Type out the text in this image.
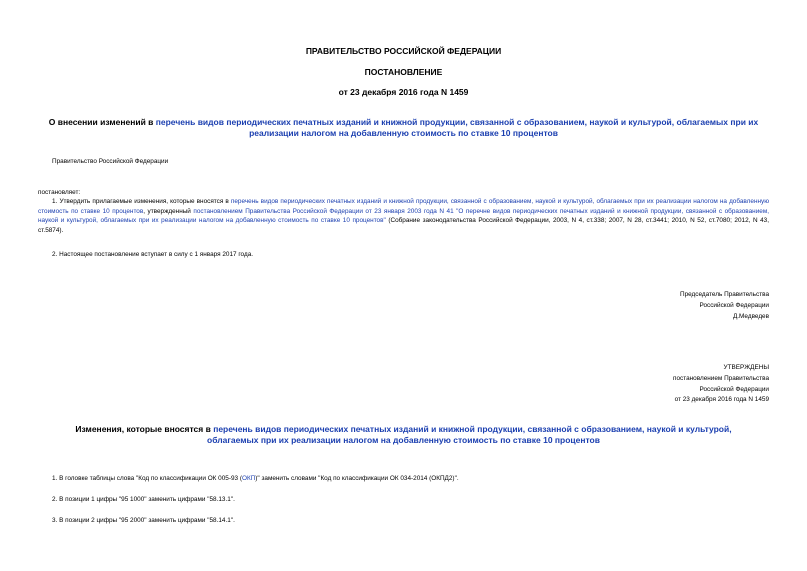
ПРАВИТЕЛЬСТВО РОССИЙСКОЙ ФЕДЕРАЦИИ
ПОСТАНОВЛЕНИЕ
от 23 декабря 2016 года N 1459
О внесении изменений в перечень видов периодических печатных изданий и книжной продукции, связанной с образованием, наукой и культурой, облагаемых при их реализации налогом на добавленную стоимость по ставке 10 процентов
Правительство Российской Федерации
постановляет:
1. Утвердить прилагаемые изменения, которые вносятся в перечень видов периодических печатных изданий и книжной продукции, связанной с образованием, наукой и культурой, облагаемых при их реализации налогом на добавленную стоимость по ставке 10 процентов, утвержденный постановлением Правительства Российской Федерации от 23 января 2003 года N 41 "О перечне видов периодических печатных изданий и книжной продукции, связанной с образованием, наукой и культурой, облагаемых при их реализации налогом на добавленную стоимость по ставке 10 процентов" (Собрание законодательства Российской Федерации, 2003, N 4, ст.338; 2007, N 28, ст.3441; 2010, N 52, ст.7080; 2012, N 43, ст.5874).
2. Настоящее постановление вступает в силу с 1 января 2017 года.
Председатель Правительства
Российской Федерации
Д.Медведев
УТВЕРЖДЕНЫ
постановлением Правительства
Российской Федерации
от 23 декабря 2016 года N 1459
Изменения, которые вносятся в перечень видов периодических печатных изданий и книжной продукции, связанной с образованием, наукой и культурой, облагаемых при их реализации налогом на добавленную стоимость по ставке 10 процентов
1. В головке таблицы слова "Код по классификации ОК 005-93 (ОКП)" заменить словами "Код по классификации ОК 034-2014 (ОКПД2)".
2. В позиции 1 цифры "95 1000" заменить цифрами "58.13.1".
3. В позиции 2 цифры "95 2000" заменить цифрами "58.14.1".
